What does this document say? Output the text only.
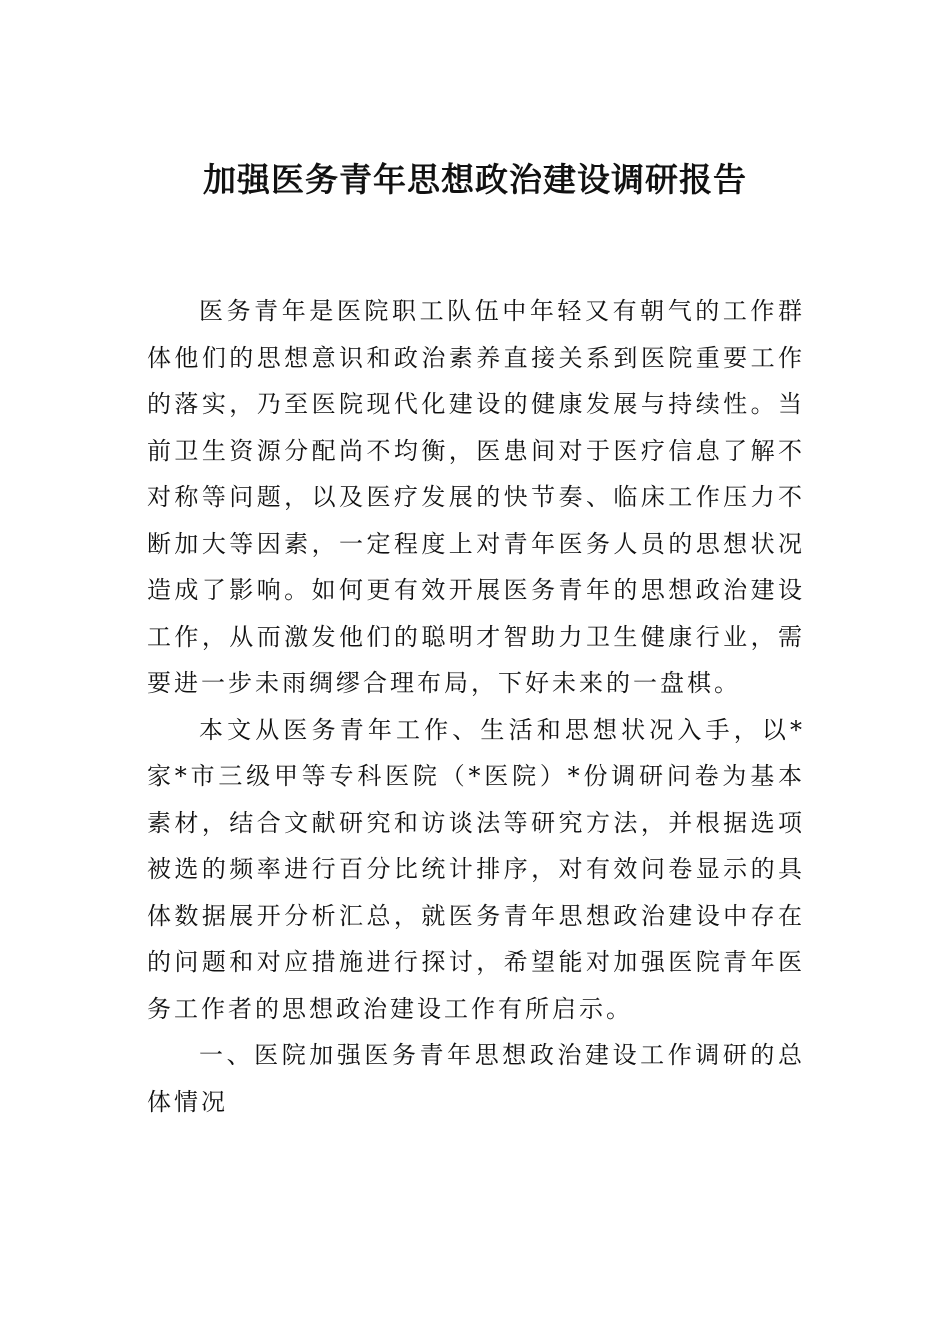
加强医务青年思想政治建设调研报告

医务青年是医院职工队伍中年轻又有朝气的工作群体他们的思想意识和政治素养直接关系到医院重要工作的落实，乃至医院现代化建设的健康发展与持续性。当前卫生资源分配尚不均衡，医患间对于医疗信息了解不对称等问题，以及医疗发展的快节奏、临床工作压力不断加大等因素，一定程度上对青年医务人员的思想状况造成了影响。如何更有效开展医务青年的思想政治建设工作，从而激发他们的聪明才智助力卫生健康行业，需要进一步未雨绸缪合理布局，下好未来的一盘棋。

本文从医务青年工作、生活和思想状况入手，以*家*市三级甲等专科医院（*医院）*份调研问卷为基本素材，结合文献研究和访谈法等研究方法，并根据选项被选的频率进行百分比统计排序，对有效问卷显示的具体数据展开分析汇总，就医务青年思想政治建设中存在的问题和对应措施进行探讨，希望能对加强医院青年医务工作者的思想政治建设工作有所启示。

一、医院加强医务青年思想政治建设工作调研的总体情况
